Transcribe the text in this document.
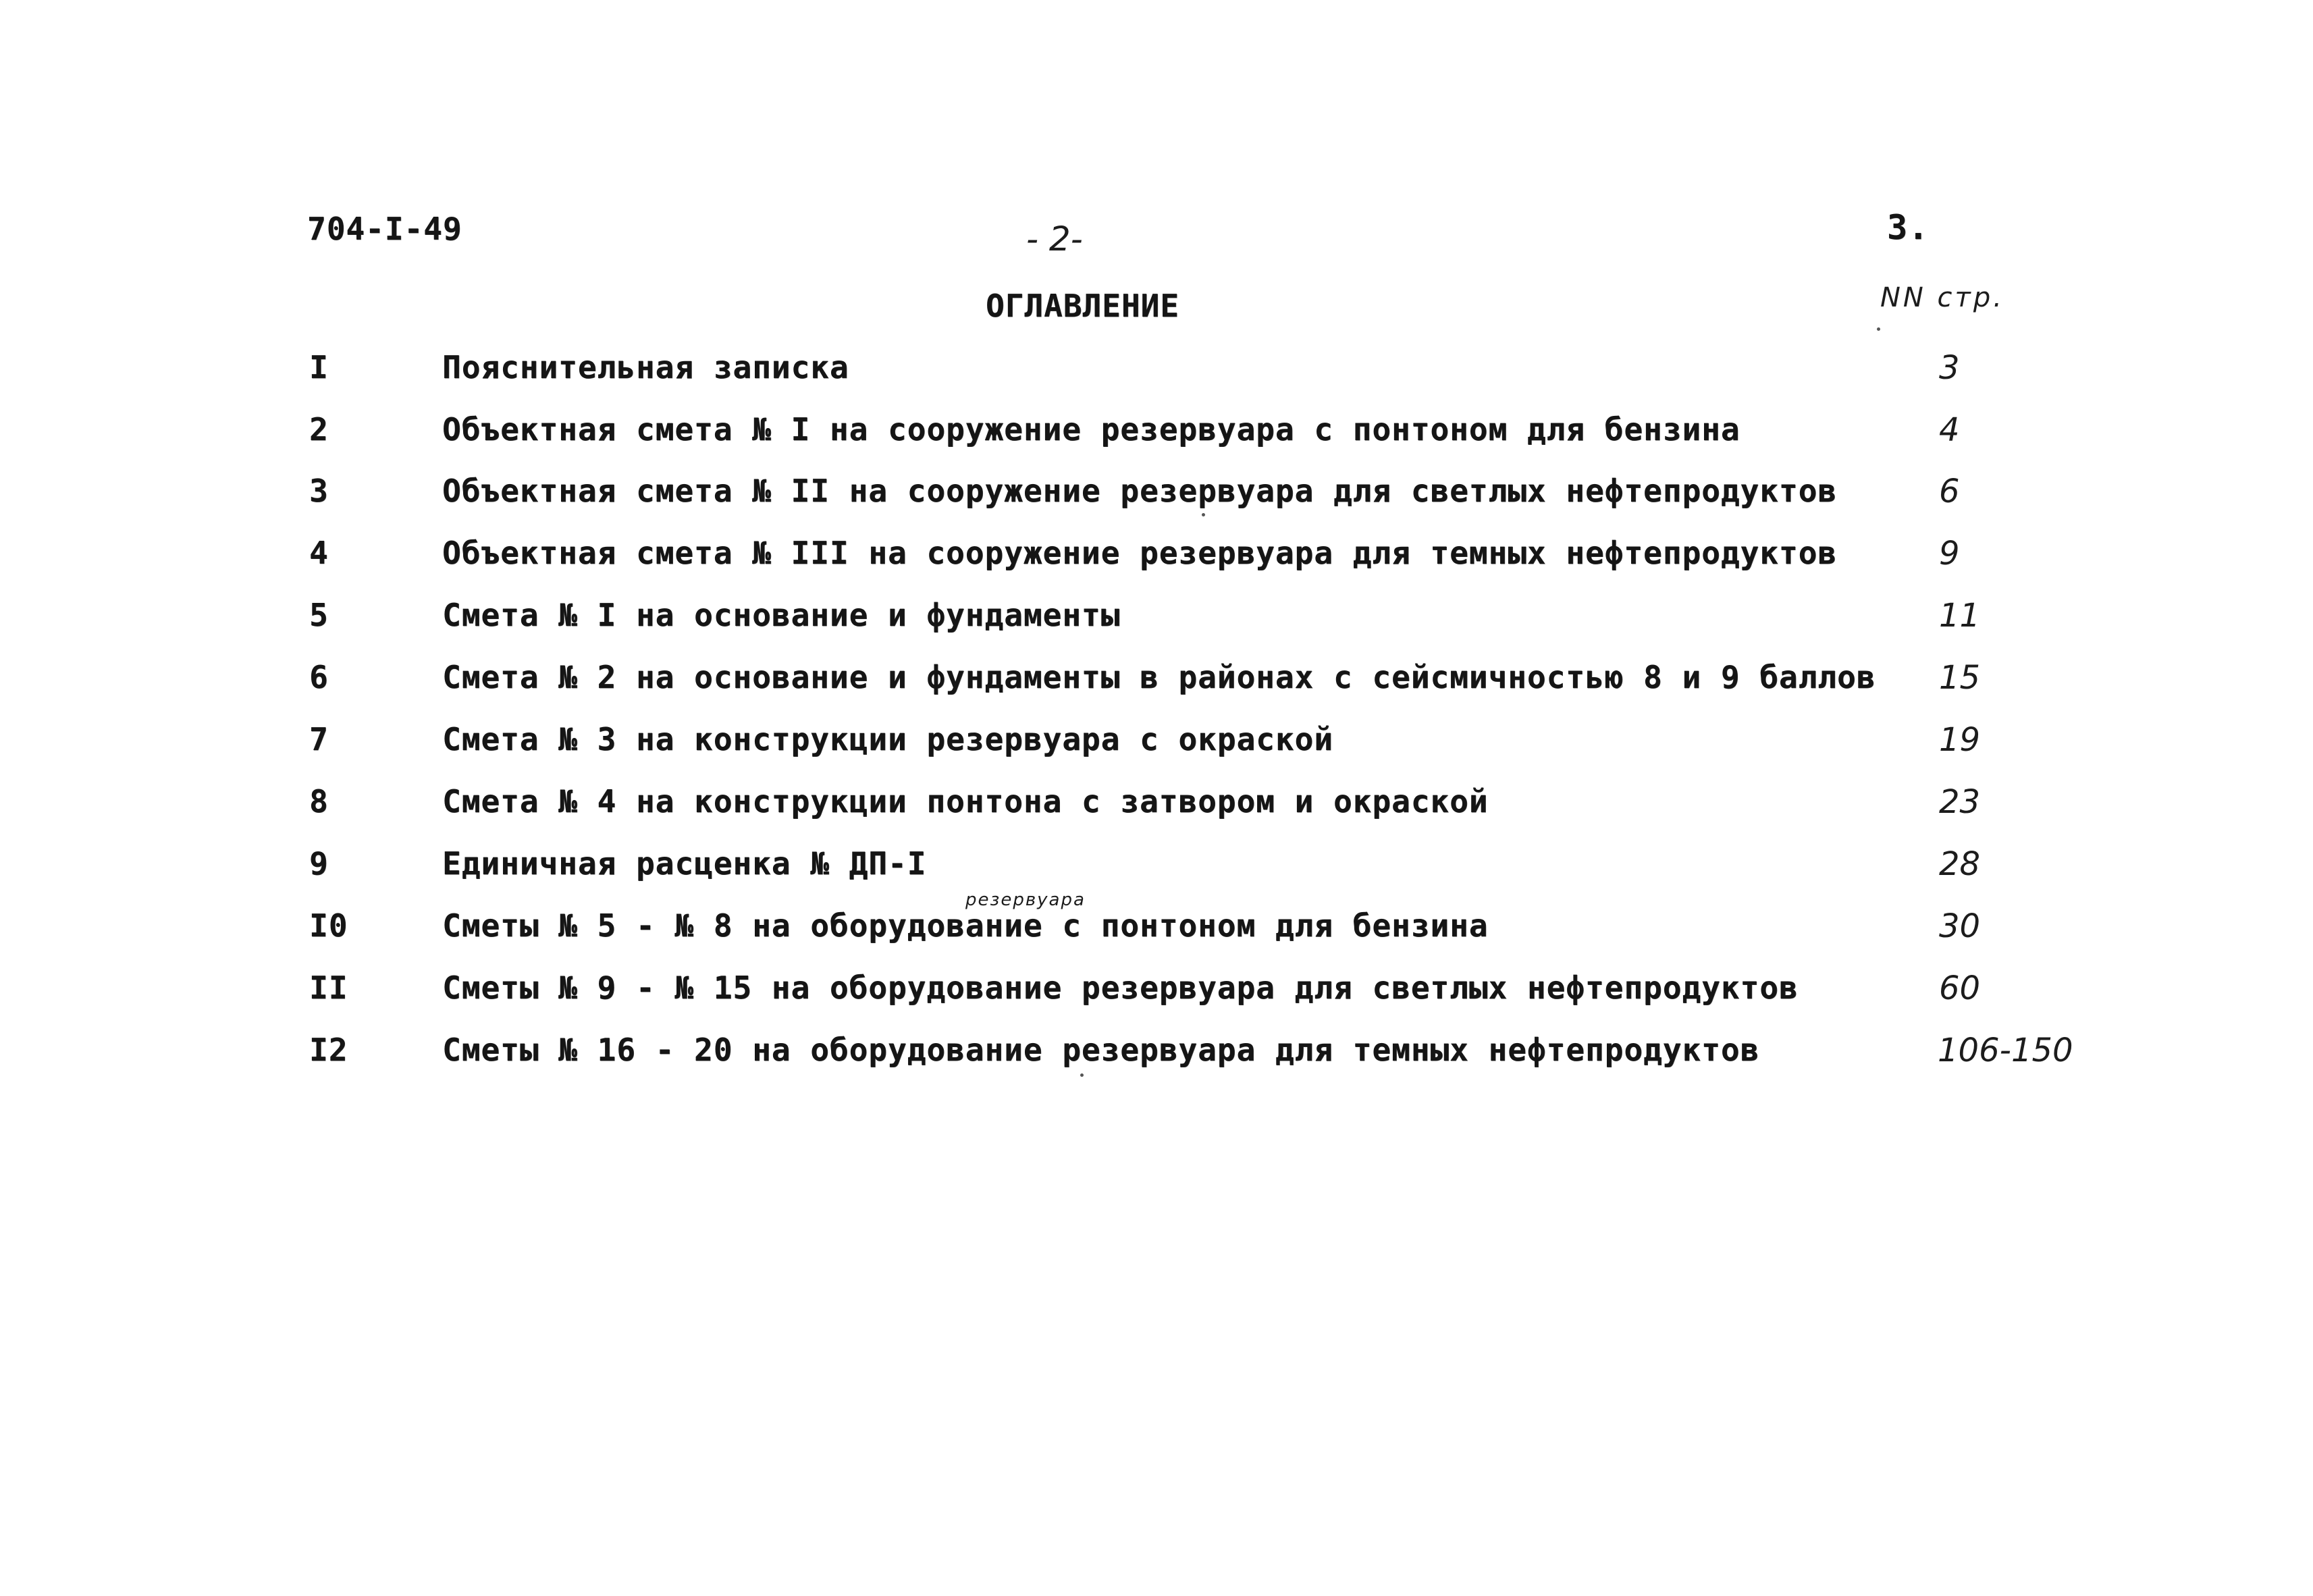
704-I-49	- 2-	3.
ОГЛАВЛЕНИЕ	NN стр.
I	Пояснительная записка	3
2	Объектная смета № I на сооружение резервуара с понтоном для бензина	4
3	Объектная смета № II на сооружение резервуара для светлых нефтепродуктов	6
4	Объектная смета № III на сооружение резервуара для темных нефтепродуктов	9
5	Смета № I на основание и фундаменты	11
6	Смета № 2 на основание и фундаменты в районах с сейсмичностью 8 и 9 баллов 15
7	Смета № 3 на конструкции резервуара с окраской	19
8	Смета № 4 на конструкции понтона с затвором и окраской	23
9	Единичная расценка № ДП-I	28
I0	Сметы № 5 - № 8 на оборудование с понтоном для бензина	30
II	Сметы № 9 - № 15 на оборудование резервуара для светлых нефтепродуктов	60
I2	Сметы № 16 - 20 на оборудование резервуара для темных нефтепродуктов	106-150
резервуара
